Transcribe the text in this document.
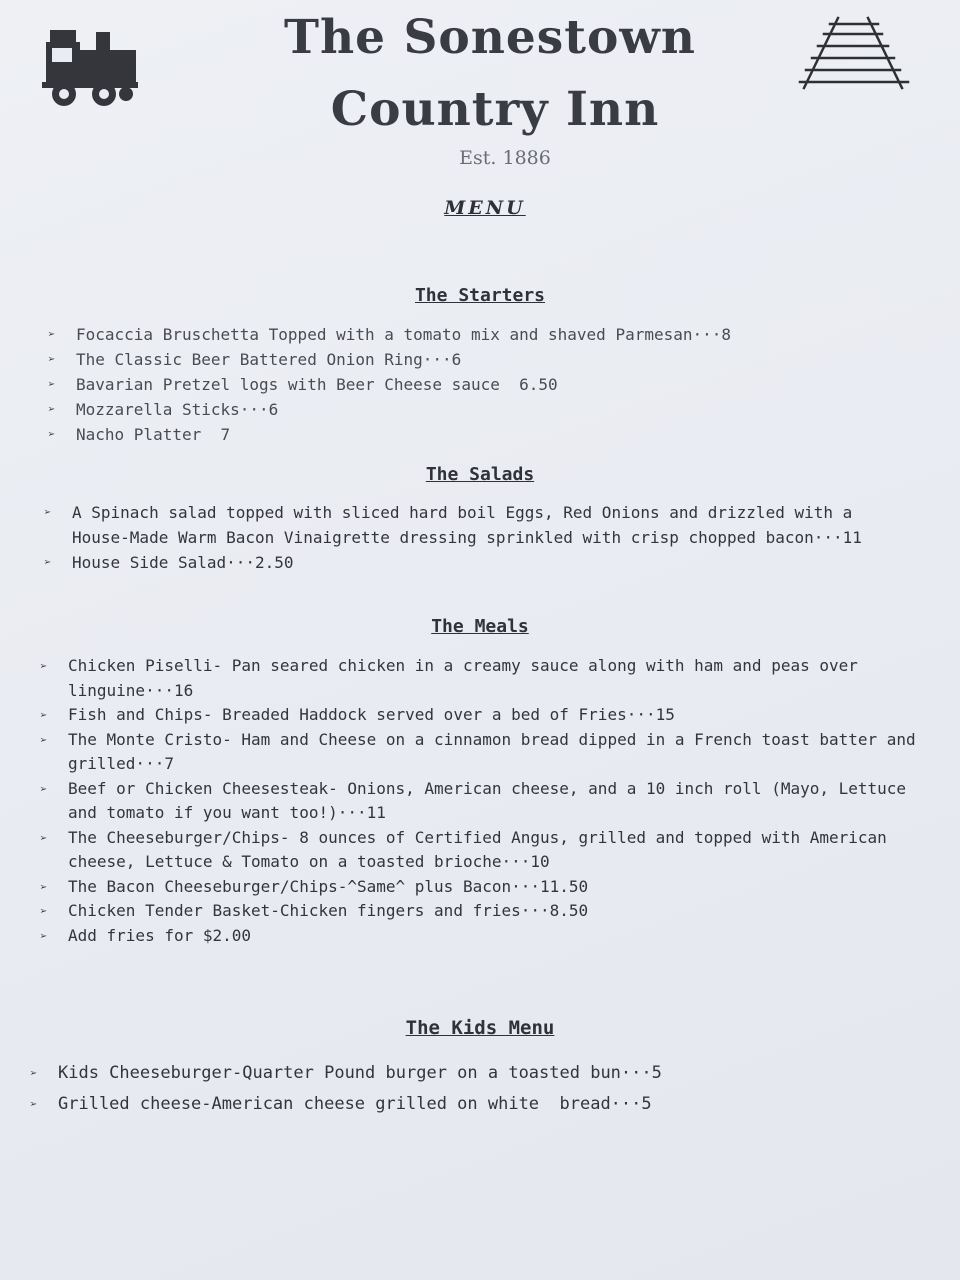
The Sonestown
Country Inn
Est. 1886
MENU
The Starters
➢ Focaccia Bruschetta Topped with a tomato mix and shaved Parmesan···8
➢ The Classic Beer Battered Onion Ring···6
➢ Bavarian Pretzel logs with Beer Cheese sauce  6.50
➢ Mozzarella Sticks···6
➢ Nacho Platter  7
The Salads
➢ A Spinach salad topped with sliced hard boil Eggs, Red Onions and drizzled with a House-Made Warm Bacon Vinaigrette dressing sprinkled with crisp chopped bacon···11
➢ House Side Salad···2.50
The Meals
➢ Chicken Piselli- Pan seared chicken in a creamy sauce along with ham and peas over linguine···16
➢ Fish and Chips- Breaded Haddock served over a bed of Fries···15
➢ The Monte Cristo- Ham and Cheese on a cinnamon bread dipped in a French toast batter and grilled···7
➢ Beef or Chicken Cheesesteak- Onions, American cheese, and a 10 inch roll (Mayo, Lettuce and tomato if you want too!)···11
➢ The Cheeseburger/Chips- 8 ounces of Certified Angus, grilled and topped with American cheese, Lettuce & Tomato on a toasted brioche···10
➢ The Bacon Cheeseburger/Chips-^Same^ plus Bacon···11.50
➢ Chicken Tender Basket-Chicken fingers and fries···8.50
➢ Add fries for $2.00
The Kids Menu
➢ Kids Cheeseburger-Quarter Pound burger on a toasted bun···5
➢ Grilled cheese-American cheese grilled on white  bread···5
